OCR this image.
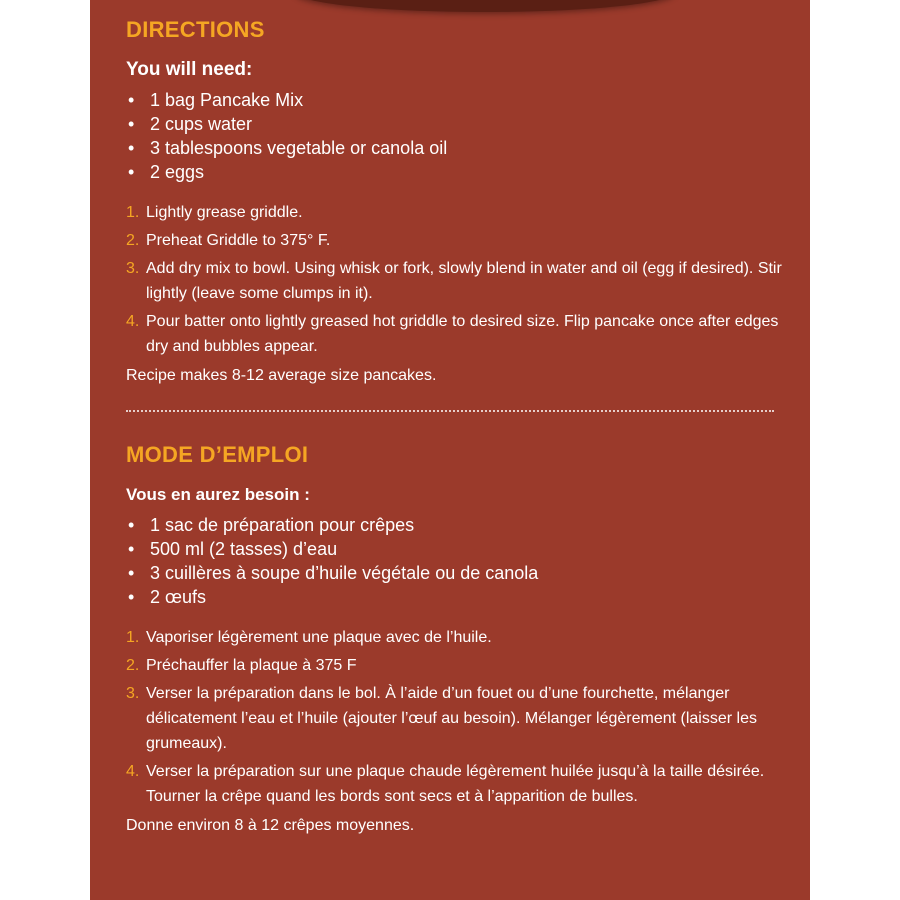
DIRECTIONS
You will need:
• 1 bag Pancake Mix
• 2 cups water
• 3 tablespoons vegetable or canola oil
• 2 eggs
1. Lightly grease griddle.
2. Preheat Griddle to 375° F.
3. Add dry mix to bowl. Using whisk or fork, slowly blend in water and oil (egg if desired). Stir lightly (leave some clumps in it).
4. Pour batter onto lightly greased hot griddle to desired size. Flip pancake once after edges dry and bubbles appear.
Recipe makes 8-12 average size pancakes.
MODE D’EMPLOI
Vous en aurez besoin :
• 1 sac de préparation pour crêpes
• 500 ml (2 tasses) d’eau
• 3 cuillères à soupe d’huile végétale ou de canola
• 2 œufs
1. Vaporiser légèrement une plaque avec de l’huile.
2. Préchauffer la plaque à 375 F
3. Verser la préparation dans le bol. À l’aide d’un fouet ou d’une fourchette, mélanger délicatement l’eau et l’huile (ajouter l’œuf au besoin). Mélanger légèrement (laisser les grumeaux).
4. Verser la préparation sur une plaque chaude légèrement huilée jusqu’à la taille désirée. Tourner la crêpe quand les bords sont secs et à l’apparition de bulles.
Donne environ 8 à 12 crêpes moyennes.
